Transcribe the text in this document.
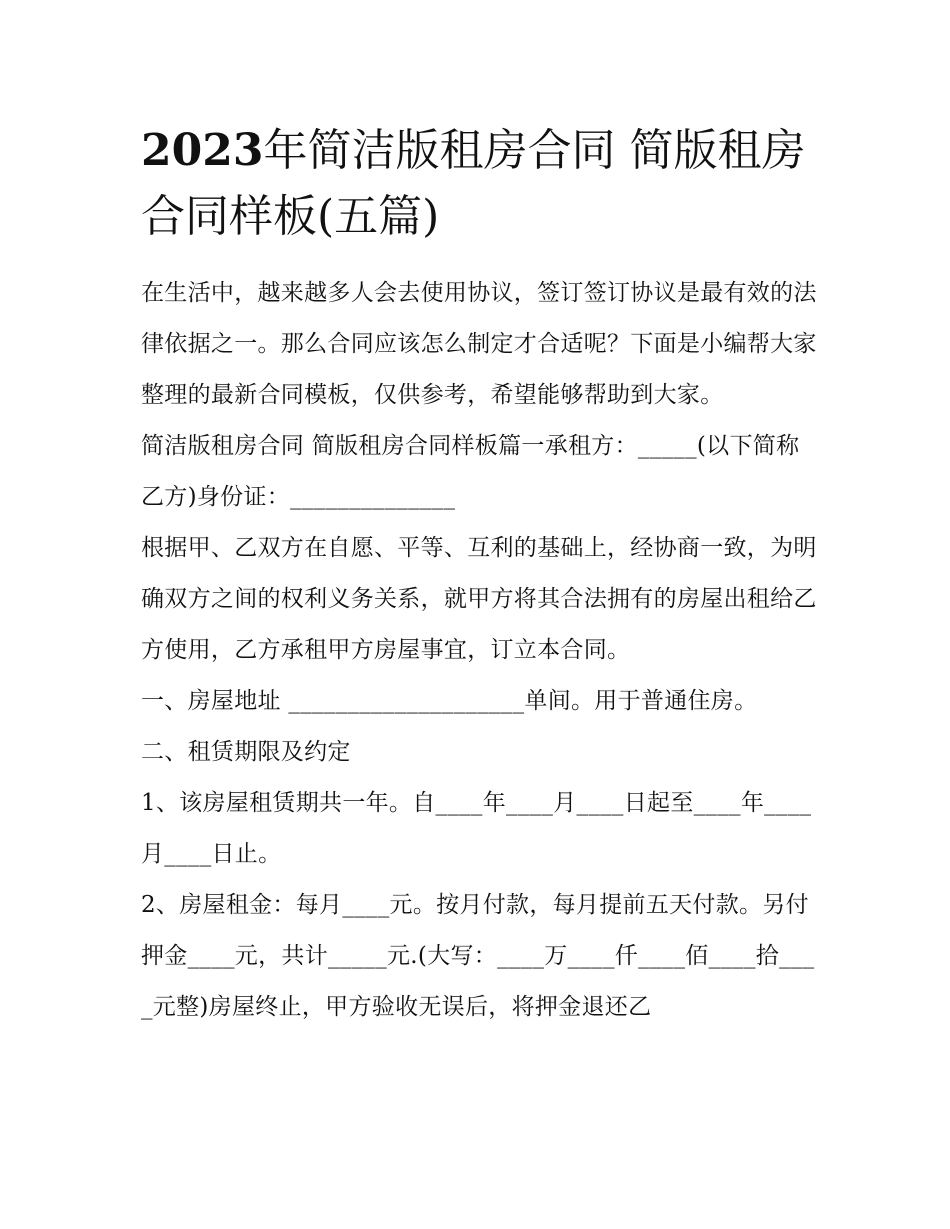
2023年简洁版租房合同 简版租房合同样板(五篇)

在生活中，越来越多人会去使用协议，签订签订协议是最有效的法律依据之一。那么合同应该怎么制定才合适呢？下面是小编帮大家整理的最新合同模板，仅供参考，希望能够帮助到大家。

简洁版租房合同 简版租房合同样板篇一承租方：_____(以下简称乙方)身份证：______________

根据甲、乙双方在自愿、平等、互利的基础上，经协商一致，为明确双方之间的权利义务关系，就甲方将其合法拥有的房屋出租给乙方使用，乙方承租甲方房屋事宜，订立本合同。

一、房屋地址 ____________________单间。用于普通住房。

二、租赁期限及约定

1、该房屋租赁期共一年。自____年____月____日起至____年____月____日止。

2、房屋租金：每月____元。按月付款，每月提前五天付款。另付押金____元，共计_____元.(大写：____万____仟____佰____拾____元整)房屋终止，甲方验收无误后，将押金退还乙
